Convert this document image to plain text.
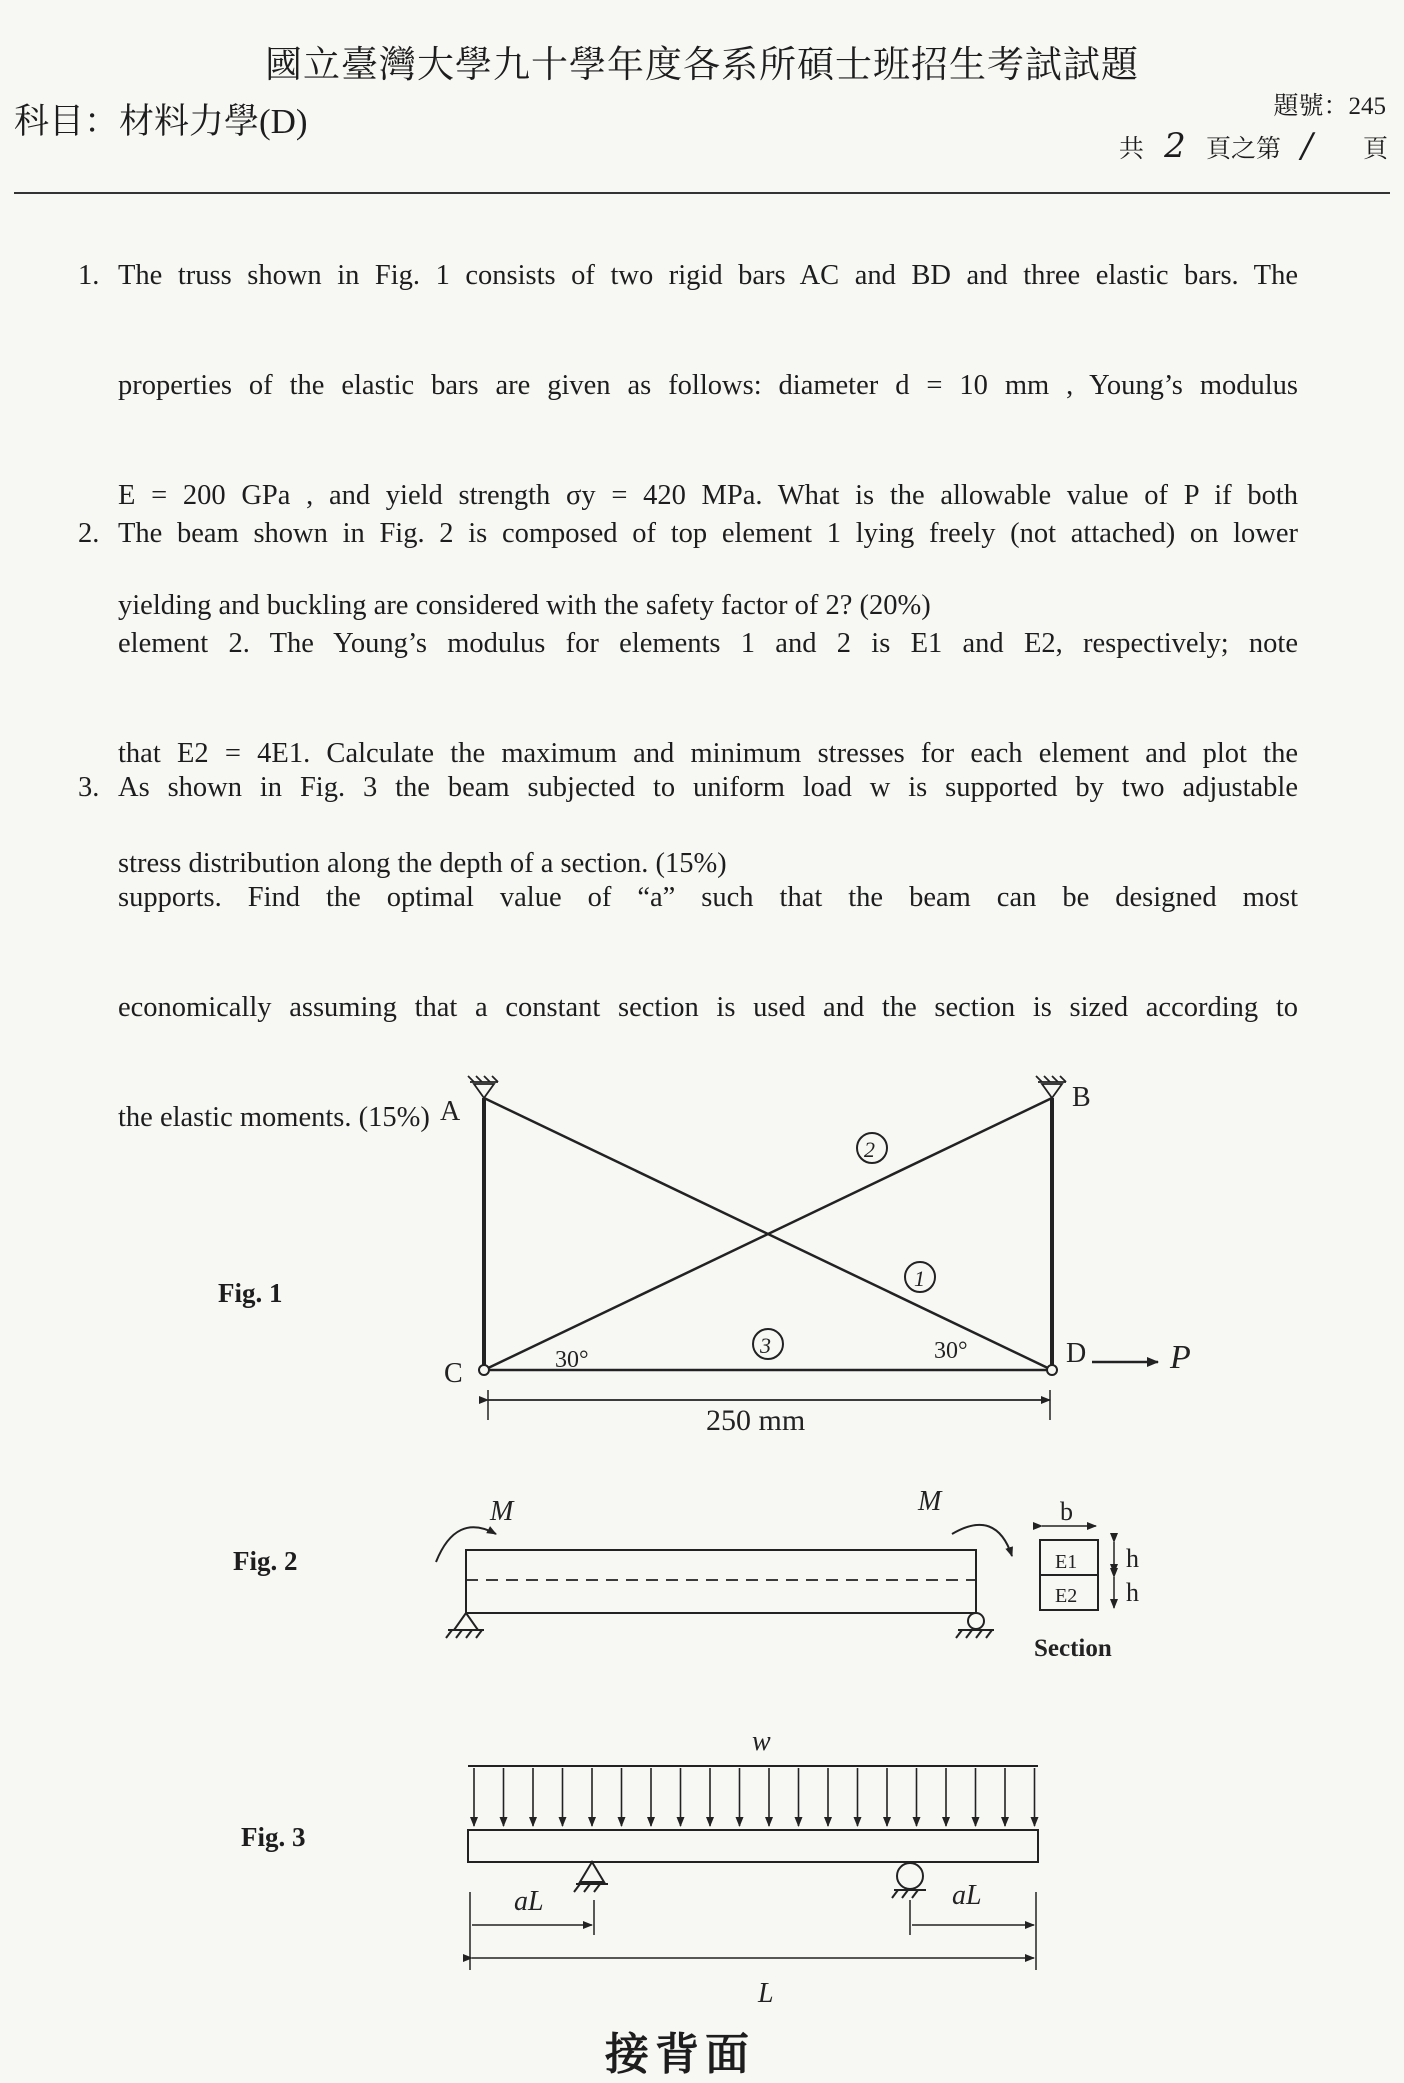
國立臺灣大學九十學年度各系所碩士班招生考試試題
科目：材料力學(D)	題號：245
共 2 頁之第 / 頁
1. The truss shown in Fig. 1 consists of two rigid bars AC and BD and three elastic bars. The

properties of the elastic bars are given as follows: diameter d = 10 mm , Young’s modulus

E = 200 GPa , and yield strength σy = 420 MPa. What is the allowable value of P if both

yielding and buckling are considered with the safety factor of 2? (20%)

2. The beam shown in Fig. 2 is composed of top element 1 lying freely (not attached) on lower

element 2. The Young’s modulus for elements 1 and 2 is E1 and E2, respectively; note

that E2 = 4E1. Calculate the maximum and minimum stresses for each element and plot the

stress distribution along the depth of a section. (15%)

3. As shown in Fig. 3 the beam subjected to uniform load w is supported by two adjustable

supports. Find the optimal value of “a” such that the beam can be designed most

economically assuming that a constant section is used and the section is sized according to

the elastic moments. (15%)

Fig. 1
Fig. 2
Fig. 3
A	B
C
D P
2
1
3
30°	30°
250 mm
M	M	b
E1
E2
h
h
Section
w
aL	aL
L
接背面
